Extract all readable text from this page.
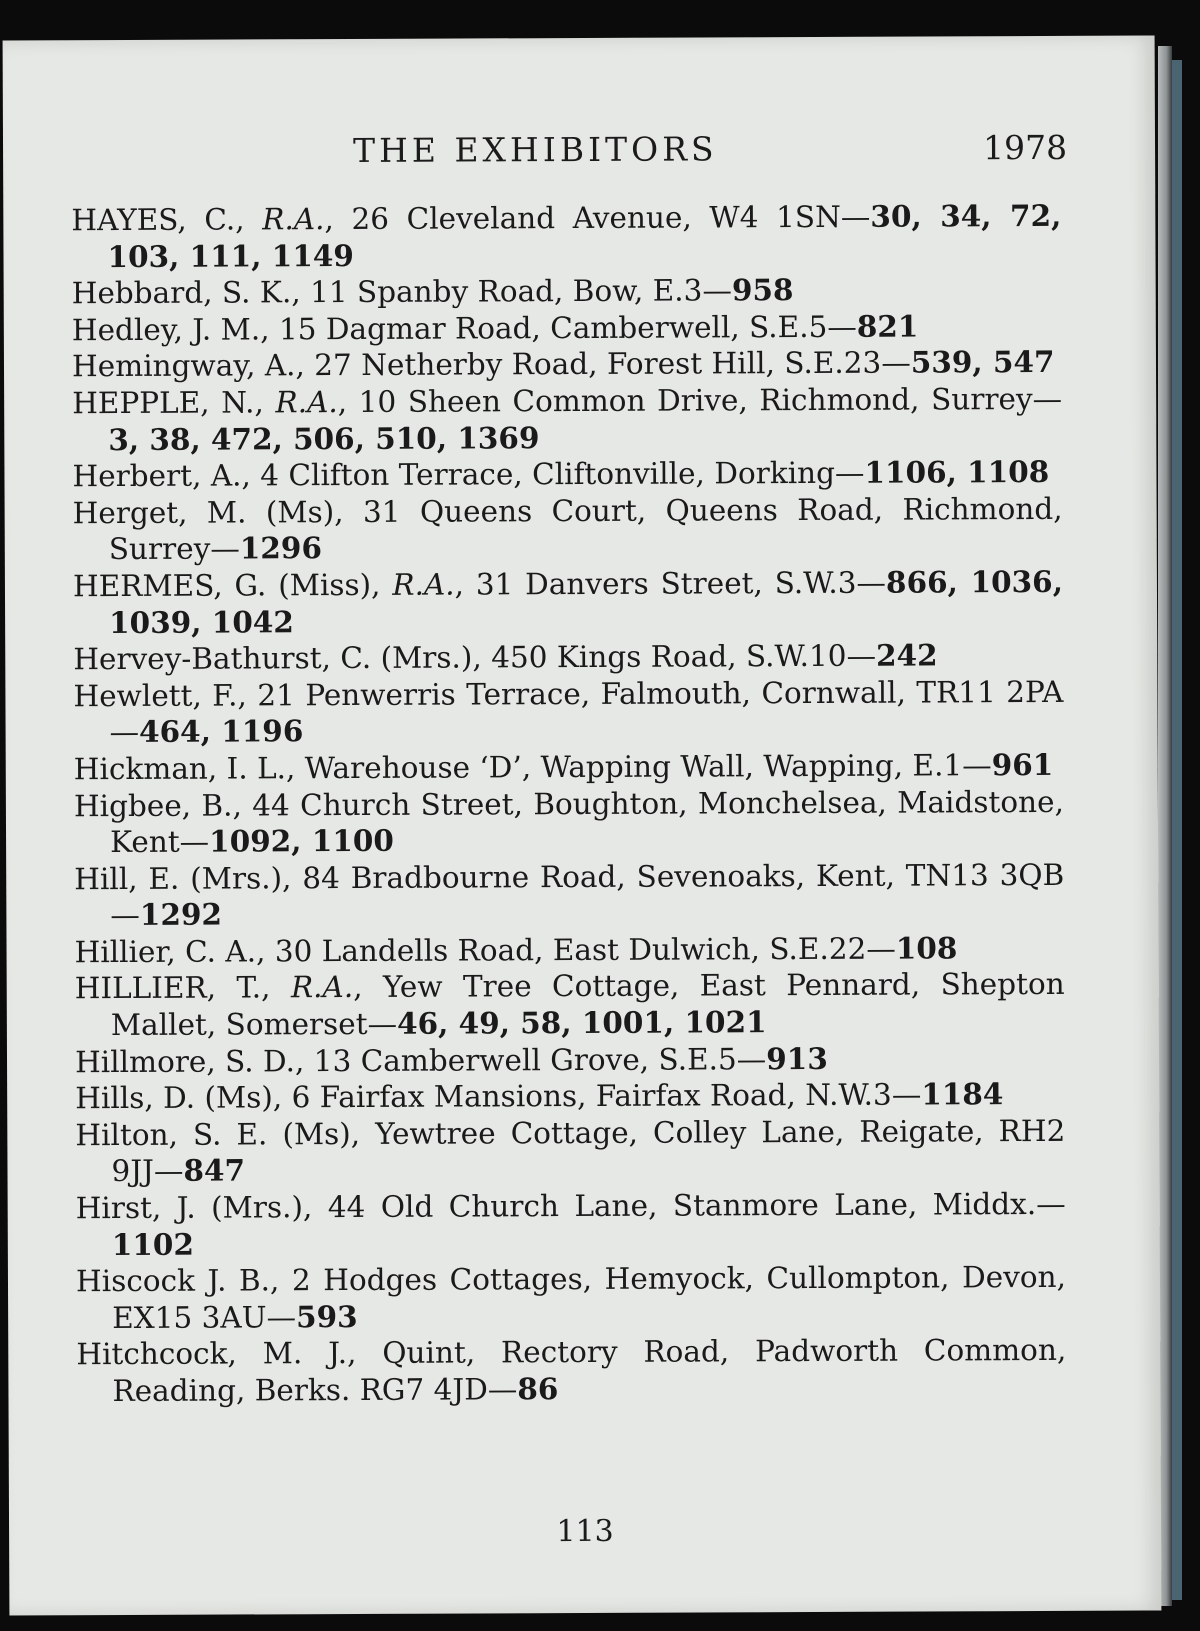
THE EXHIBITORS	1978
HAYES, C., R.A., 26 Cleveland Avenue, W4 1SN—30, 34, 72, 103, 111, 1149
Hebbard, S. K., 11 Spanby Road, Bow, E.3—958
Hedley, J. M., 15 Dagmar Road, Camberwell, S.E.5—821
Hemingway, A., 27 Netherby Road, Forest Hill, S.E.23—539, 547
HEPPLE, N., R.A., 10 Sheen Common Drive, Richmond, Surrey—3, 38, 472, 506, 510, 1369
Herbert, A., 4 Clifton Terrace, Cliftonville, Dorking—1106, 1108
Herget, M. (Ms), 31 Queens Court, Queens Road, Richmond, Surrey—1296
HERMES, G. (Miss), R.A., 31 Danvers Street, S.W.3—866, 1036, 1039, 1042
Hervey-Bathurst, C. (Mrs.), 450 Kings Road, S.W.10—242
Hewlett, F., 21 Penwerris Terrace, Falmouth, Cornwall, TR11 2PA—464, 1196
Hickman, I. L., Warehouse ‘D’, Wapping Wall, Wapping, E.1—961
Higbee, B., 44 Church Street, Boughton, Monchelsea, Maidstone, Kent—1092, 1100
Hill, E. (Mrs.), 84 Bradbourne Road, Sevenoaks, Kent, TN13 3QB—1292
Hillier, C. A., 30 Landells Road, East Dulwich, S.E.22—108
HILLIER, T., R.A., Yew Tree Cottage, East Pennard, Shepton Mallet, Somerset—46, 49, 58, 1001, 1021
Hillmore, S. D., 13 Camberwell Grove, S.E.5—913
Hills, D. (Ms), 6 Fairfax Mansions, Fairfax Road, N.W.3—1184
Hilton, S. E. (Ms), Yewtree Cottage, Colley Lane, Reigate, RH2 9JJ—847
Hirst, J. (Mrs.), 44 Old Church Lane, Stanmore Lane, Middx.—1102
Hiscock J. B., 2 Hodges Cottages, Hemyock, Cullompton, Devon, EX15 3AU—593
Hitchcock, M. J., Quint, Rectory Road, Padworth Common, Reading, Berks. RG7 4JD—86
113
